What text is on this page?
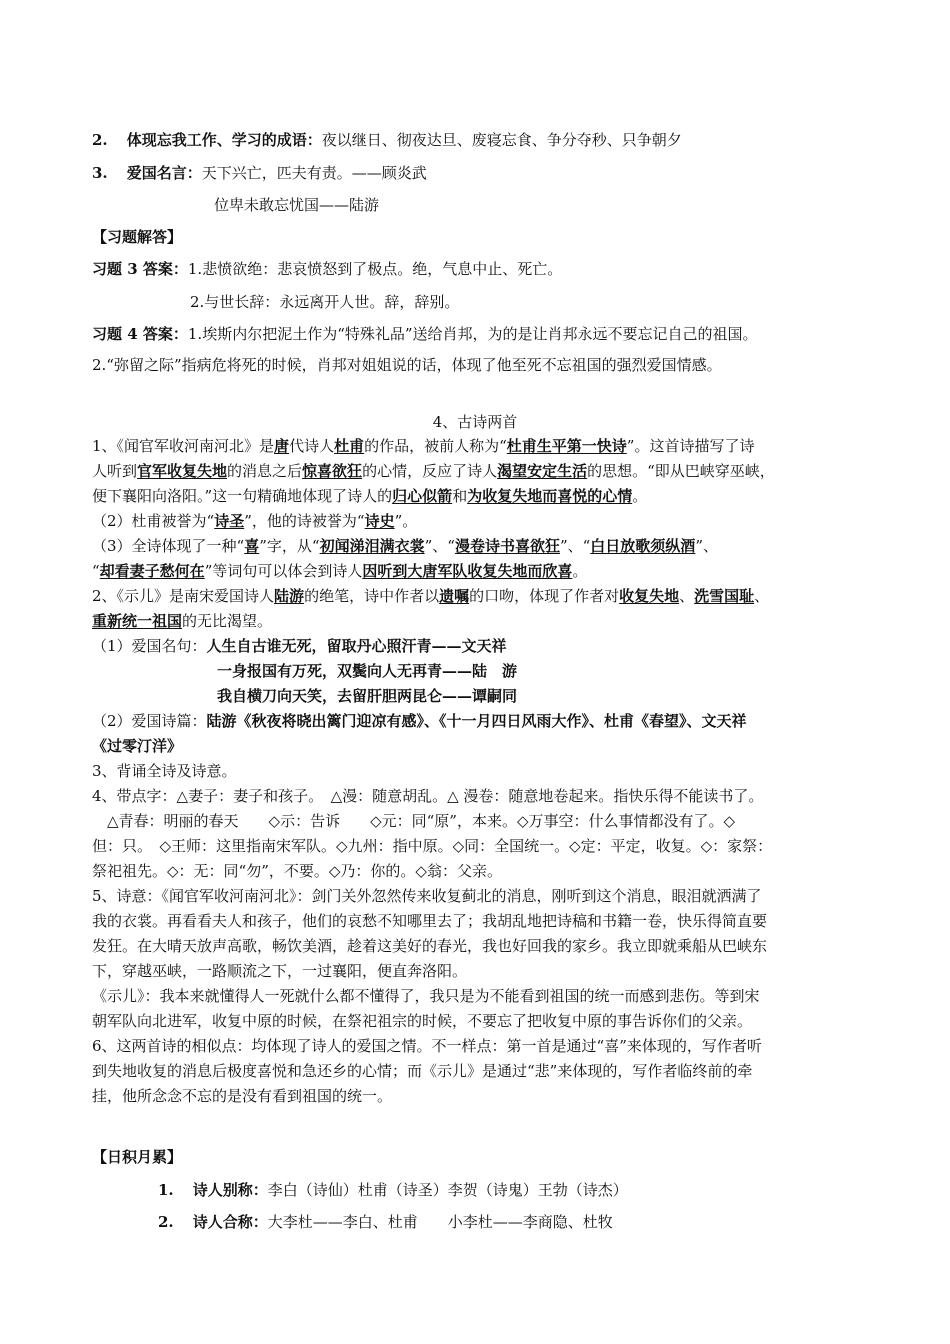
2. 体现忘我工作、学习的成语：夜以继日、彻夜达旦、废寝忘食、争分夺秒、只争朝夕
3. 爱国名言：天下兴亡，匹夫有责。——顾炎武
位卑未敢忘忧国——陆游
【习题解答】
习题 3 答案：1.悲愤欲绝：悲哀愤怒到了极点。绝，气息中止、死亡。
2.与世长辞：永远离开人世。辞，辞别。
习题 4 答案：1.埃斯内尔把泥土作为“特殊礼品”送给肖邦，为的是让肖邦永远不要忘记自己的祖国。
2.“弥留之际”指病危将死的时候，肖邦对姐姐说的话，体现了他至死不忘祖国的强烈爱国情感。
4、古诗两首
1、《闻官军收河南河北》是唐代诗人杜甫的作品，被前人称为“杜甫生平第一快诗”。这首诗描写了诗
人听到官军收复失地的消息之后惊喜欲狂的心情，反应了诗人渴望安定生活的思想。“即从巴峡穿巫峡，
便下襄阳向洛阳。”这一句精确地体现了诗人的归心似箭和为收复失地而喜悦的心情。
（2）杜甫被誉为“诗圣”，他的诗被誉为“诗史”。
（3）全诗体现了一种“喜”字，从“初闻涕泪满衣裳”、“漫卷诗书喜欲狂”、“白日放歌须纵酒”、
“却看妻子愁何在”等词句可以体会到诗人因听到大唐军队收复失地而欣喜。
2、《示儿》是南宋爱国诗人陆游的绝笔，诗中作者以遗嘱的口吻，体现了作者对收复失地、洗雪国耻、
重新统一祖国的无比渴望。
（1）爱国名句：人生自古谁无死，留取丹心照汗青——文天祥
一身报国有万死，双鬓向人无再青——陆　游
我自横刀向天笑，去留肝胆两昆仑——谭嗣同
（2）爱国诗篇：陆游《秋夜将晓出篱门迎凉有感》、《十一月四日风雨大作》、杜甫《春望》、文天祥
《过零汀洋》
3、背诵全诗及诗意。
4、带点字：△妻子：妻子和孩子。　△漫：随意胡乱。△ 漫卷：随意地卷起来。指快乐得不能读书了。
　△青春：明丽的春天　　◇示：告诉　　◇元：同“原”，本来。◇万事空：什么事情都没有了。◇
但：只。　◇王师：这里指南宋军队。◇九州：指中原。◇同：全国统一。◇定：平定，收复。◇：家祭：
祭祀祖先。◇：无：同“勿”，不要。◇乃：你的。◇翁：父亲。
5、诗意：《闻官军收河南河北》：剑门关外忽然传来收复蓟北的消息，刚听到这个消息，眼泪就洒满了
我的衣裳。再看看夫人和孩子，他们的哀愁不知哪里去了；我胡乱地把诗稿和书籍一卷，快乐得简直要
发狂。在大晴天放声高歌，畅饮美酒，趁着这美好的春光，我也好回我的家乡。我立即就乘船从巴峡东
下，穿越巫峡，一路顺流之下，一过襄阳，便直奔洛阳。
《示儿》：我本来就懂得人一死就什么都不懂得了，我只是为不能看到祖国的统一而感到悲伤。等到宋
朝军队向北进军，收复中原的时候，在祭祀祖宗的时候，不要忘了把收复中原的事告诉你们的父亲。
6、这两首诗的相似点：均体现了诗人的爱国之情。不一样点：第一首是通过“喜”来体现的，写作者听
到失地收复的消息后极度喜悦和急还乡的心情；而《示儿》是通过“悲”来体现的，写作者临终前的牵
挂，他所念念不忘的是没有看到祖国的统一。
【日积月累】
1. 诗人别称：李白（诗仙）杜甫（诗圣）李贺（诗鬼）王勃（诗杰）
2. 诗人合称：大李杜——李白、杜甫　　小李杜——李商隐、杜牧
